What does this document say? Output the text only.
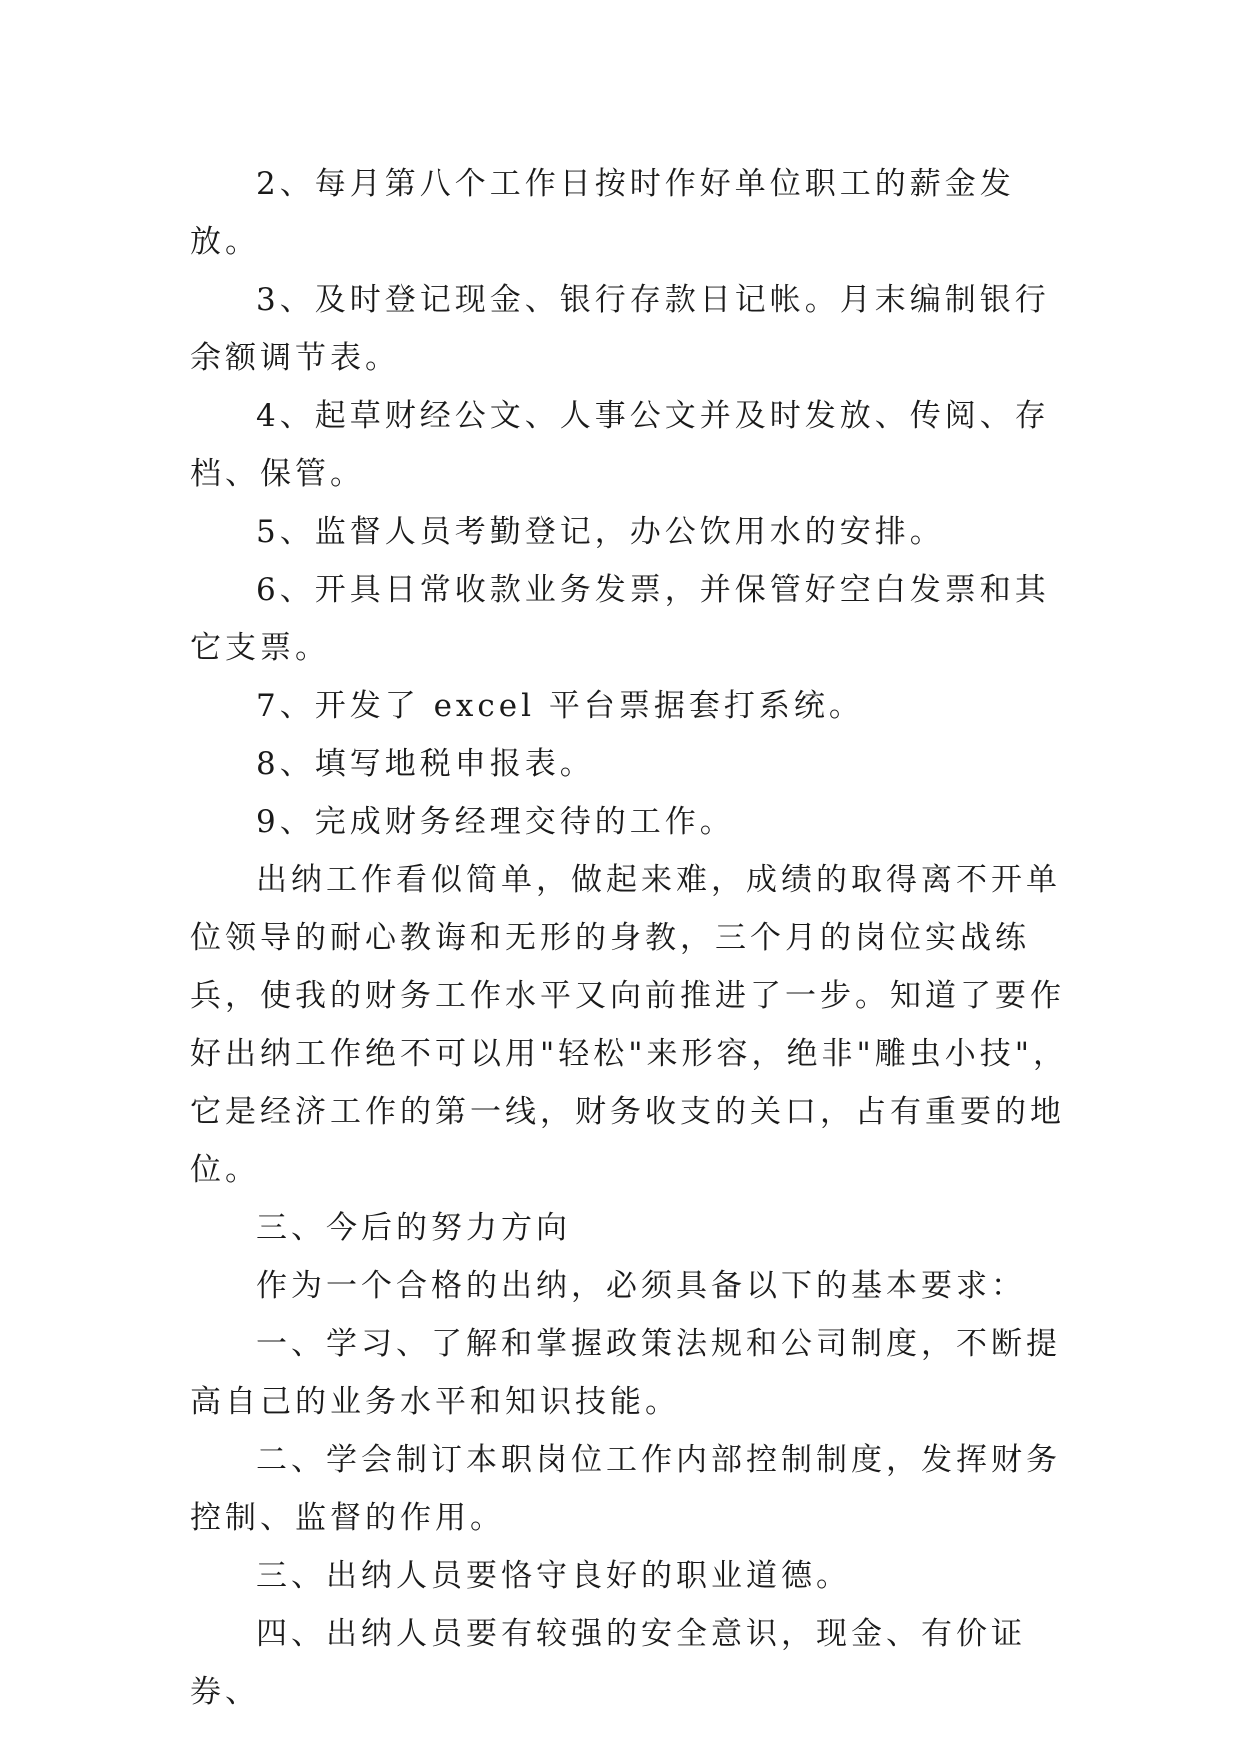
2、每月第八个工作日按时作好单位职工的薪金发放。

3、及时登记现金、银行存款日记帐。月末编制银行余额调节表。

4、起草财经公文、人事公文并及时发放、传阅、存档、保管。

5、监督人员考勤登记，办公饮用水的安排。

6、开具日常收款业务发票，并保管好空白发票和其它支票。

7、开发了 excel 平台票据套打系统。

8、填写地税申报表。

9、完成财务经理交待的工作。

出纳工作看似简单，做起来难，成绩的取得离不开单位领导的耐心教诲和无形的身教，三个月的岗位实战练兵，使我的财务工作水平又向前推进了一步。知道了要作好出纳工作绝不可以用"轻松"来形容，绝非"雕虫小技"，它是经济工作的第一线，财务收支的关口，占有重要的地位。

三、今后的努力方向

作为一个合格的出纳，必须具备以下的基本要求：

一、学习、了解和掌握政策法规和公司制度，不断提高自己的业务水平和知识技能。

二、学会制订本职岗位工作内部控制制度，发挥财务控制、监督的作用。

三、出纳人员要恪守良好的职业道德。

四、出纳人员要有较强的安全意识，现金、有价证券、
